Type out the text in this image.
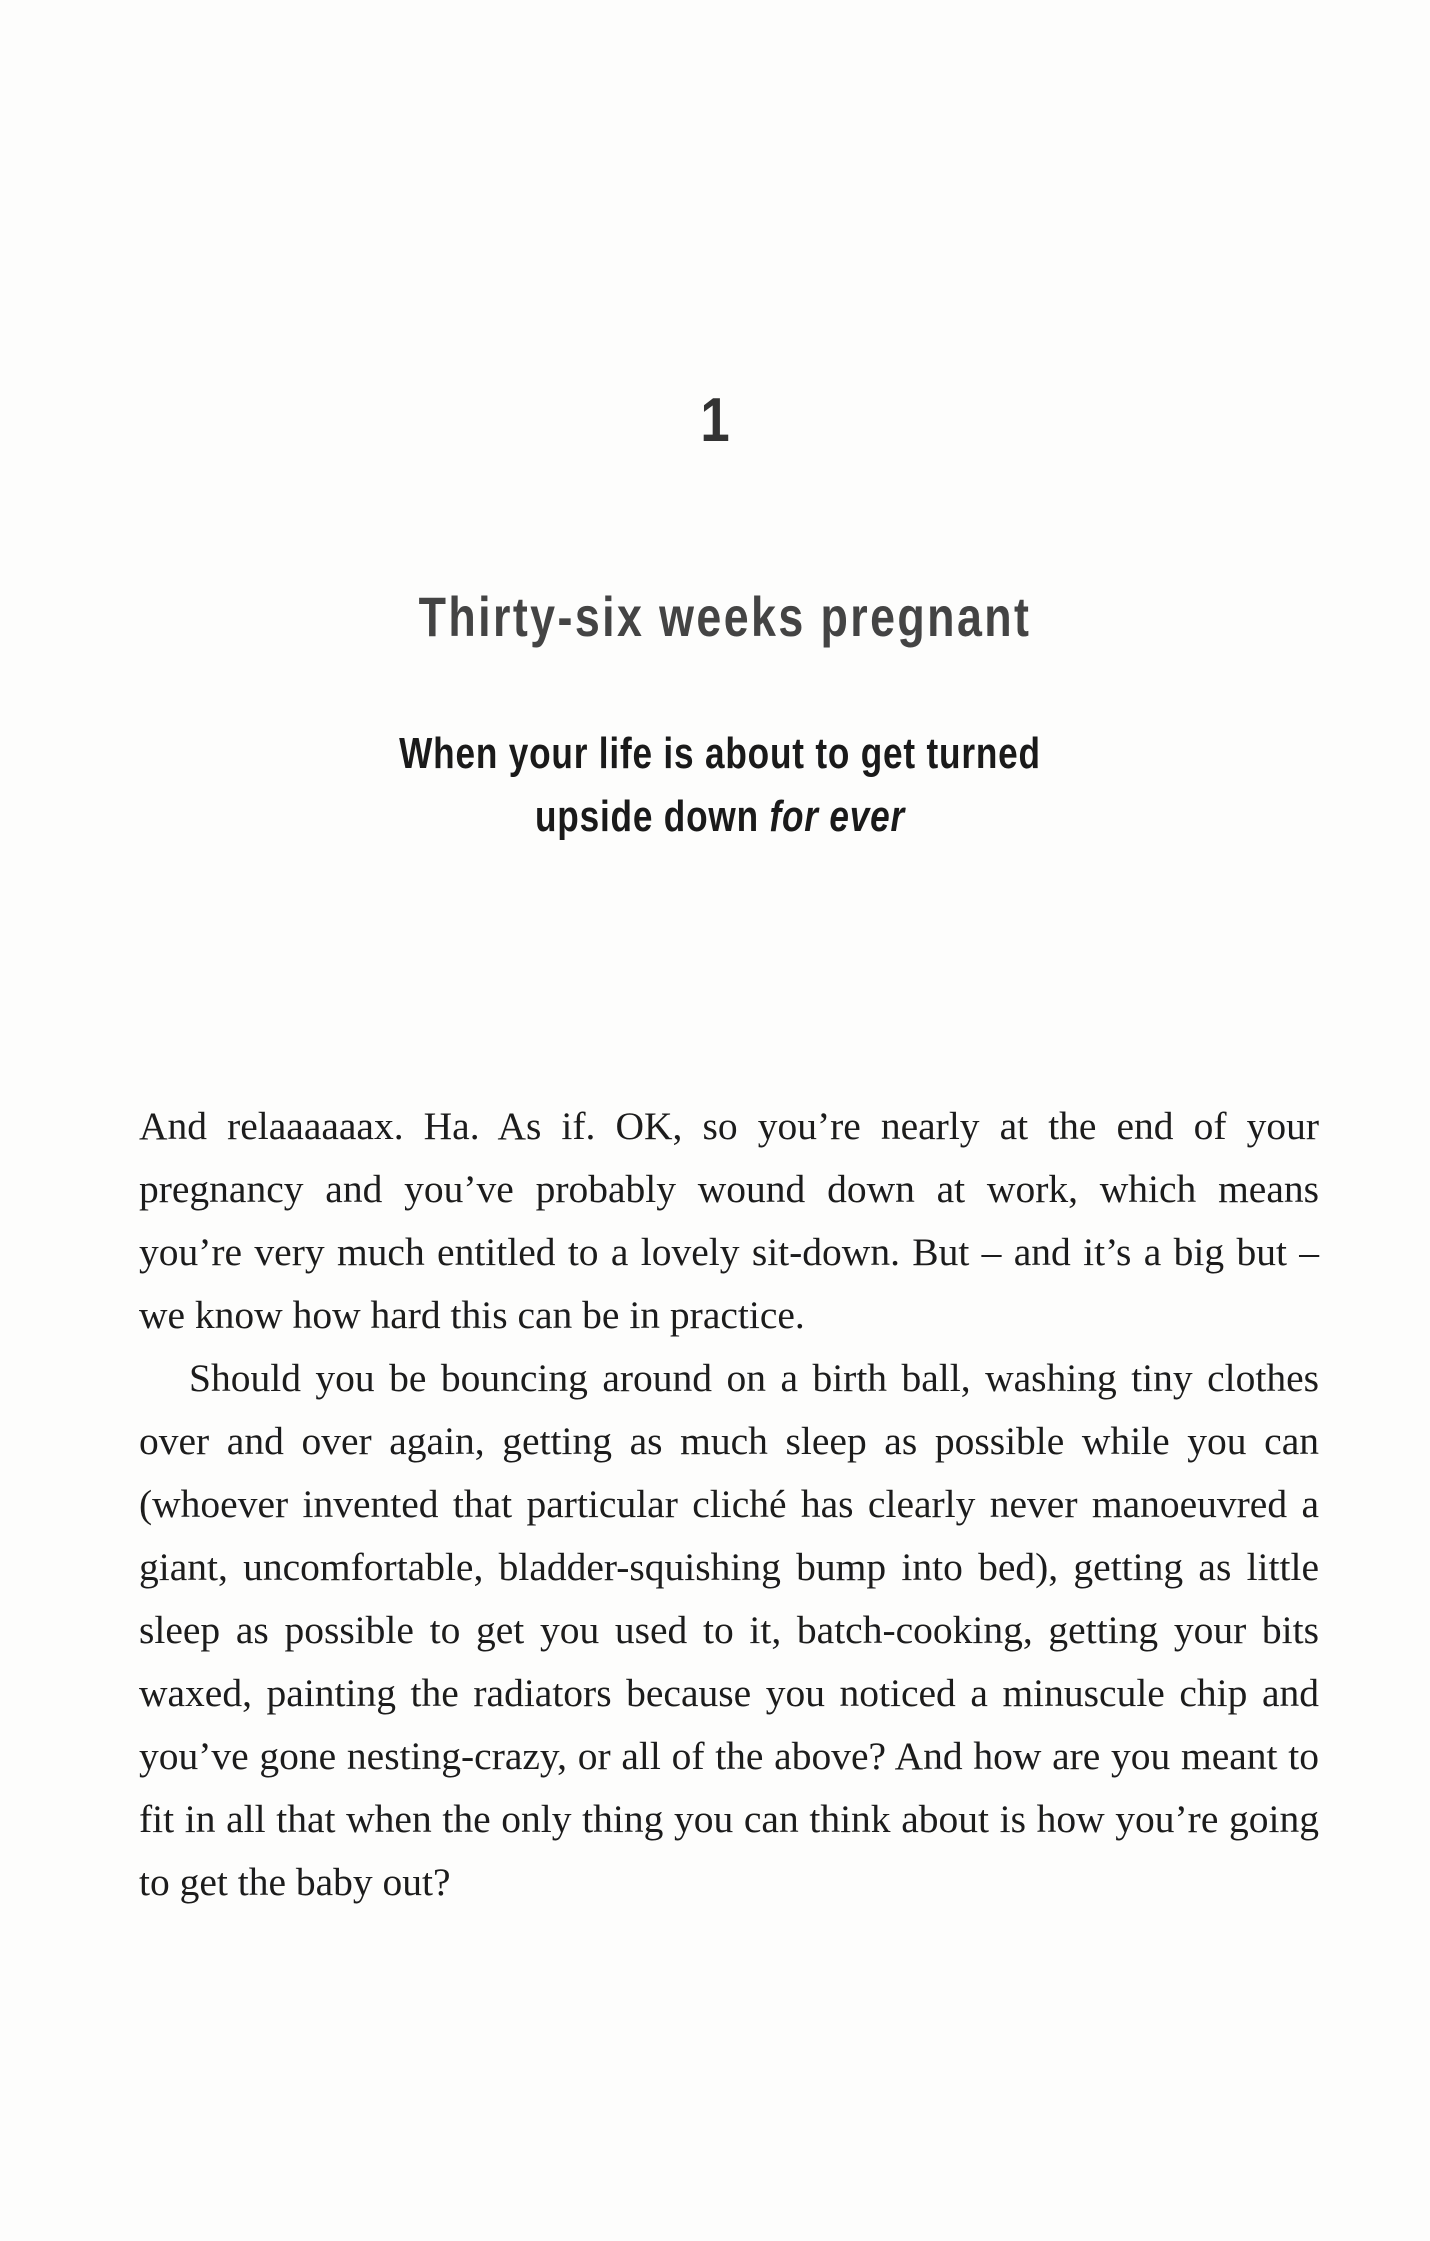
1
Thirty-six weeks pregnant
When your life is about to get turned
upside down for ever

And relaaaaaax. Ha. As if. OK, so you’re nearly at the end of your pregnancy and you’ve probably wound down at work, which means you’re very much entitled to a lovely sit-down. But – and it’s a big but – we know how hard this can be in practice.

Should you be bouncing around on a birth ball, washing tiny clothes over and over again, getting as much sleep as possible while you can (whoever invented that particular cliché has clearly never manoeuvred a giant, uncomfortable, bladder-squishing bump into bed), getting as little sleep as possible to get you used to it, batch-cooking, getting your bits waxed, painting the radiators because you noticed a minuscule chip and you’ve gone nesting-crazy, or all of the above? And how are you meant to fit in all that when the only thing you can think about is how you’re going to get the baby out?
